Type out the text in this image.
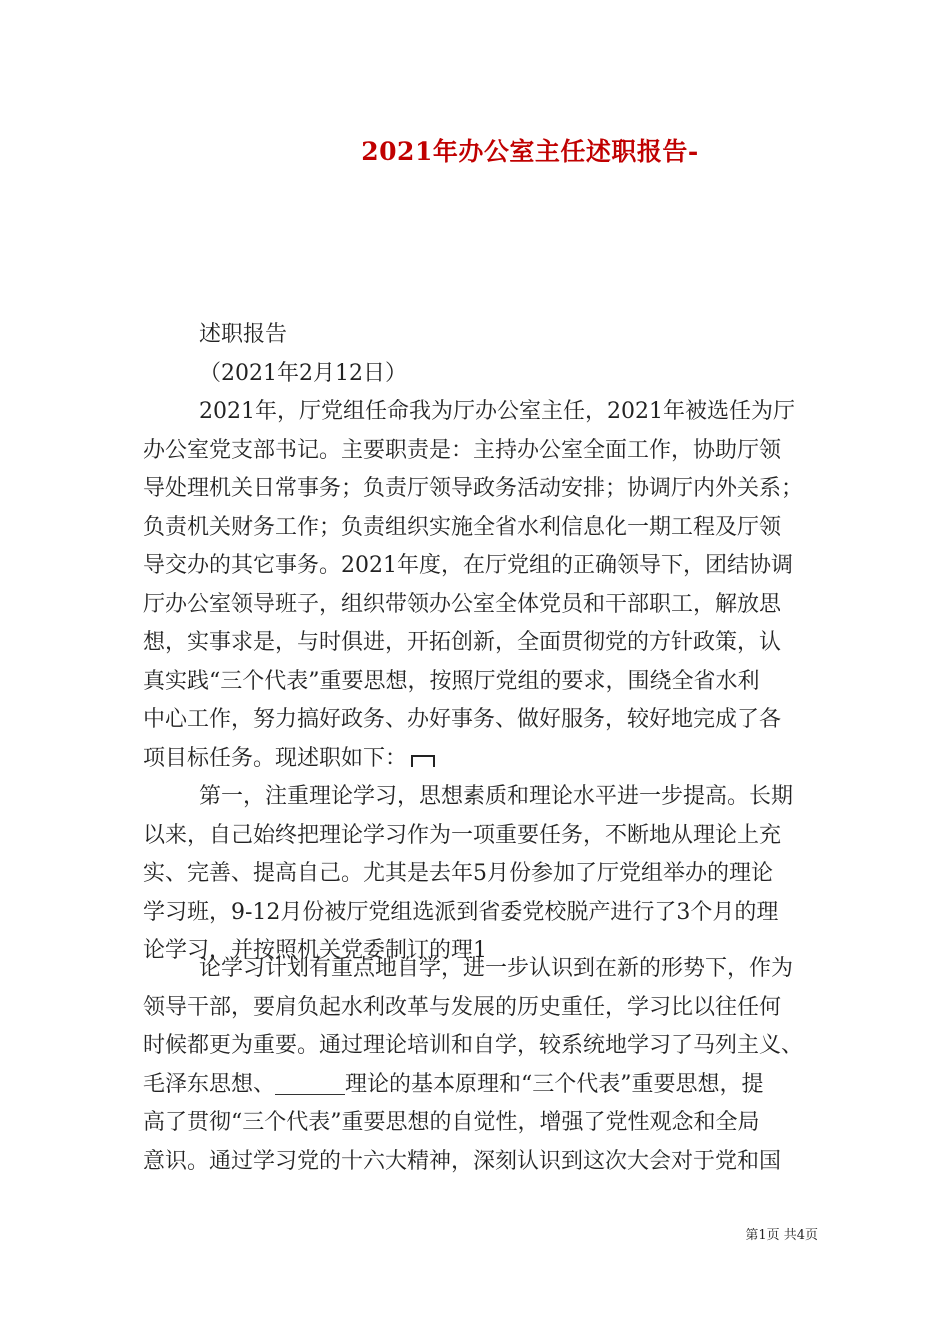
2021年办公室主任述职报告-
述职报告
（2021年2月12日）
2021年，厅党组任命我为厅办公室主任，2021年被选任为厅
办公室党支部书记。主要职责是：主持办公室全面工作，协助厅领
导处理机关日常事务；负责厅领导政务活动安排；协调厅内外关系；
负责机关财务工作；负责组织实施全省水利信息化一期工程及厅领
导交办的其它事务。2021年度，在厅党组的正确领导下，团结协调
厅办公室领导班子，组织带领办公室全体党员和干部职工，解放思
想，实事求是，与时俱进，开拓创新，全面贯彻党的方针政策，认
真实践“三个代表”重要思想，按照厅党组的要求，围绕全省水利
中心工作，努力搞好政务、办好事务、做好服务，较好地完成了各
项目标任务。现述职如下：
第一，注重理论学习，思想素质和理论水平进一步提高。长期
以来，自己始终把理论学习作为一项重要任务，不断地从理论上充
实、完善、提高自己。尤其是去年5月份参加了厅党组举办的理论
学习班，9-12月份被厅党组选派到省委党校脱产进行了3个月的理
论学习，并按照机关党委制订的理1
论学习计划有重点地自学，进一步认识到在新的形势下，作为
领导干部，要肩负起水利改革与发展的历史重任，学习比以往任何
时候都更为重要。通过理论培训和自学，较系统地学习了马列主义、
毛泽东思想、	理论的基本原理和“三个代表”重要思想，提
高了贯彻“三个代表”重要思想的自觉性，增强了党性观念和全局
意识。通过学习党的十六大精神，深刻认识到这次大会对于党和国
第1页 共4页
